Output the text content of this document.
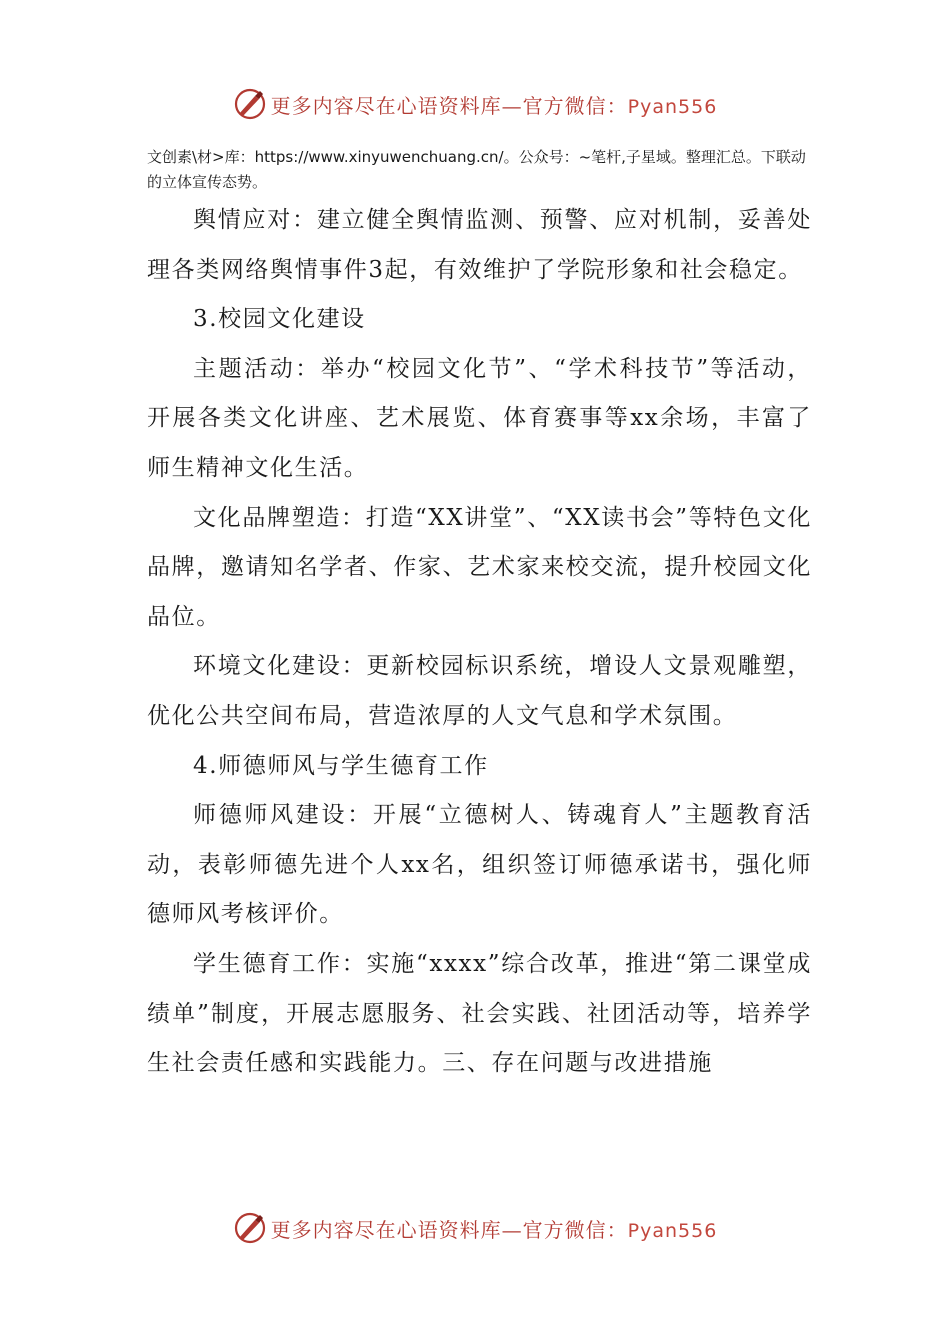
更多内容尽在心语资料库—官方微信：Pyan556
文创素\材>库：https://www.xinyuwenchuang.cn/。公众号：~笔杆,子星域。整理汇总。下联动的立体宣传态势。

舆情应对：建立健全舆情监测、预警、应对机制，妥善处理各类网络舆情事件3起，有效维护了学院形象和社会稳定。

3.校园文化建设

主题活动：举办“校园文化节”、“学术科技节”等活动，开展各类文化讲座、艺术展览、体育赛事等xx余场，丰富了师生精神文化生活。

文化品牌塑造：打造“XX讲堂”、“XX读书会”等特色文化品牌，邀请知名学者、作家、艺术家来校交流，提升校园文化品位。

环境文化建设：更新校园标识系统，增设人文景观雕塑，优化公共空间布局，营造浓厚的人文气息和学术氛围。

4.师德师风与学生德育工作

师德师风建设：开展“立德树人、铸魂育人”主题教育活动，表彰师德先进个人xx名，组织签订师德承诺书，强化师德师风考核评价。

学生德育工作：实施“xxxx”综合改革，推进“第二课堂成绩单”制度，开展志愿服务、社会实践、社团活动等，培养学生社会责任感和实践能力。三、存在问题与改进措施

更多内容尽在心语资料库—官方微信：Pyan556
